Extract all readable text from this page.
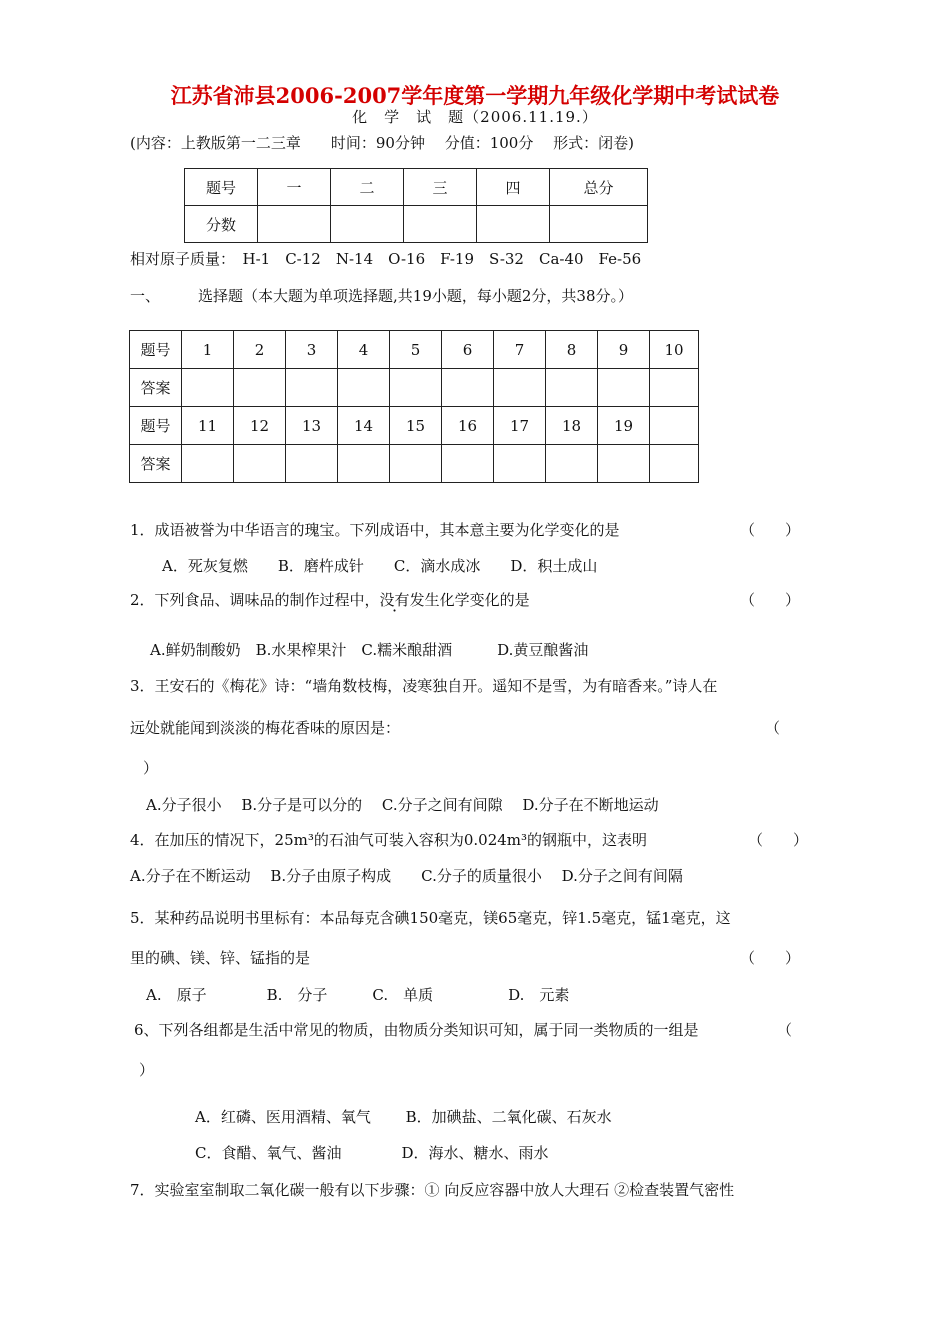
江苏省沛县2006-2007学年度第一学期九年级化学期中考试试卷
化　学　试　题（2006.11.19.）
(内容：上教版第一二三章　　时间：90分钟　 分值：100分　 形式：闭卷)
题号	一	二	三	四	总分
分数					
相对原子质量：　H-1　C-12　N-14　O-16　F-19　S-32　Ca-40　Fe-56
一、	选择题（本大题为单项选择题,共19小题，每小题2分，共38分。）
题号	1	2	3	4	5	6	7	8	9	10
答案										
题号	11	12	13	14	15	16	17	18	19	
答案										
1．成语被誉为中华语言的瑰宝。下列成语中，其本意主要为化学变化的是	（　　）
A．死灰复燃　　B．磨杵成针　　C．滴水成冰　　D．积土成山
2．下列食品、调味品的制作过程中，没有发生化学变化的是	（　　）
A.鲜奶制酸奶　B.水果榨果汁　C.糯米酿甜酒　　　D.黄豆酿酱油
3．王安石的《梅花》诗：“墙角数枝梅，凌寒独自开。遥知不是雪，为有暗香来。”诗人在
远处就能闻到淡淡的梅花香味的原因是：	（
）
A.分子很小　 B.分子是可以分的　 C.分子之间有间隙　 D.分子在不断地运动
4．在加压的情况下，25m³的石油气可装入容积为0.024m³的钢瓶中，这表明	（　　）
A.分子在不断运动　 B.分子由原子构成　　C.分子的质量很小　 D.分子之间有间隔
5．某种药品说明书里标有：本品每克含碘150毫克，镁65毫克，锌1.5毫克，锰1毫克，这
里的碘、镁、锌、锰指的是	（　　）
A.　原子　　　　B.　分子　　　C.　单质　　　　　D.　元素
6、下列各组都是生活中常见的物质，由物质分类知识可知，属于同一类物质的一组是	（
）
A．红磷、医用酒精、氧气　　 B．加碘盐、二氧化碳、石灰水
C．食醋、氧气、酱油　　　　D．海水、糖水、雨水
7．实验室室制取二氧化碳一般有以下步骤：① 向反应容器中放人大理石 ②检查装置气密性
